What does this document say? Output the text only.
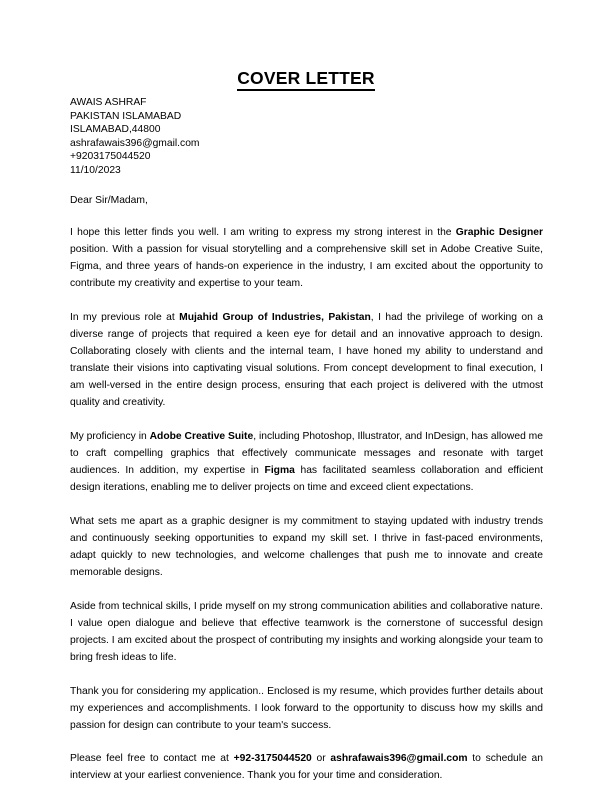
COVER LETTER
AWAIS ASHRAF
PAKISTAN ISLAMABAD
ISLAMABAD,44800
ashrafawais396@gmail.com
+9203175044520
11/10/2023
Dear Sir/Madam,

I hope this letter finds you well. I am writing to express my strong interest in the Graphic Designer position. With a passion for visual storytelling and a comprehensive skill set in Adobe Creative Suite, Figma, and three years of hands-on experience in the industry, I am excited about the opportunity to contribute my creativity and expertise to your team.

In my previous role at Mujahid Group of Industries, Pakistan, I had the privilege of working on a diverse range of projects that required a keen eye for detail and an innovative approach to design. Collaborating closely with clients and the internal team, I have honed my ability to understand and translate their visions into captivating visual solutions. From concept development to final execution, I am well-versed in the entire design process, ensuring that each project is delivered with the utmost quality and creativity.

My proficiency in Adobe Creative Suite, including Photoshop, Illustrator, and InDesign, has allowed me to craft compelling graphics that effectively communicate messages and resonate with target audiences. In addition, my expertise in Figma has facilitated seamless collaboration and efficient design iterations, enabling me to deliver projects on time and exceed client expectations.

What sets me apart as a graphic designer is my commitment to staying updated with industry trends and continuously seeking opportunities to expand my skill set. I thrive in fast-paced environments, adapt quickly to new technologies, and welcome challenges that push me to innovate and create memorable designs.

Aside from technical skills, I pride myself on my strong communication abilities and collaborative nature. I value open dialogue and believe that effective teamwork is the cornerstone of successful design projects. I am excited about the prospect of contributing my insights and working alongside your team to bring fresh ideas to life.

Thank you for considering my application.. Enclosed is my resume, which provides further details about my experiences and accomplishments. I look forward to the opportunity to discuss how my skills and passion for design can contribute to your team's success.

Please feel free to contact me at +92-3175044520 or ashrafawais396@gmail.com to schedule an interview at your earliest convenience. Thank you for your time and consideration.
